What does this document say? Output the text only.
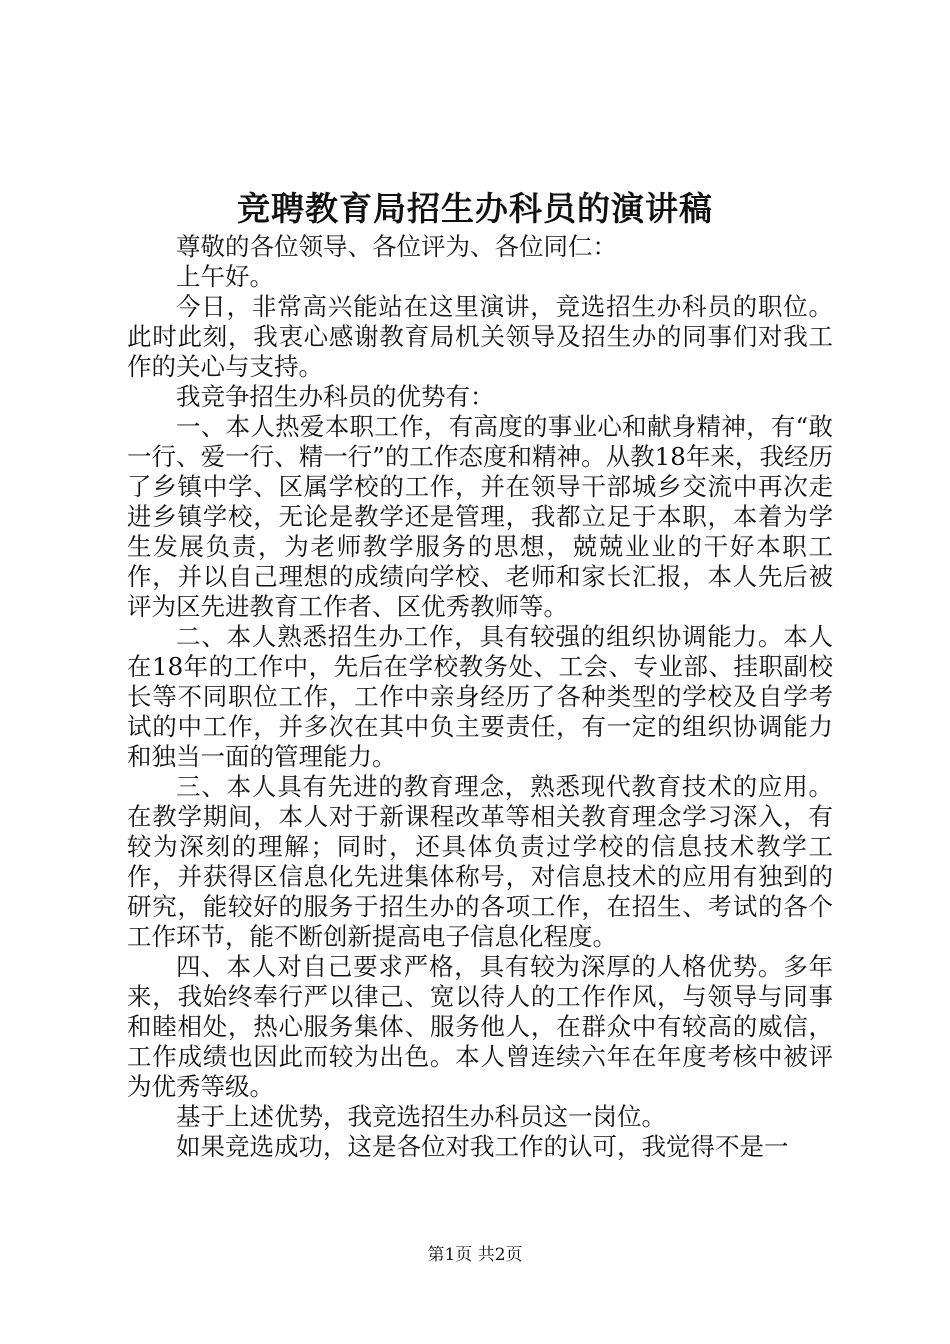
竞聘教育局招生办科员的演讲稿

尊敬的各位领导、各位评为、各位同仁：

上午好。

今日，非常高兴能站在这里演讲，竞选招生办科员的职位。此时此刻，我衷心感谢教育局机关领导及招生办的同事们对我工作的关心与支持。

我竞争招生办科员的优势有：

一、本人热爱本职工作，有高度的事业心和献身精神，有“敢一行、爱一行、精一行”的工作态度和精神。从教18年来，我经历了乡镇中学、区属学校的工作，并在领导干部城乡交流中再次走进乡镇学校，无论是教学还是管理，我都立足于本职，本着为学生发展负责，为老师教学服务的思想，兢兢业业的干好本职工作，并以自己理想的成绩向学校、老师和家长汇报，本人先后被评为区先进教育工作者、区优秀教师等。

二、本人熟悉招生办工作，具有较强的组织协调能力。本人在18年的工作中，先后在学校教务处、工会、专业部、挂职副校长等不同职位工作，工作中亲身经历了各种类型的学校及自学考试的中工作，并多次在其中负主要责任，有一定的组织协调能力和独当一面的管理能力。

三、本人具有先进的教育理念，熟悉现代教育技术的应用。在教学期间，本人对于新课程改革等相关教育理念学习深入，有较为深刻的理解；同时，还具体负责过学校的信息技术教学工作，并获得区信息化先进集体称号，对信息技术的应用有独到的研究，能较好的服务于招生办的各项工作，在招生、考试的各个工作环节，能不断创新提高电子信息化程度。

四、本人对自己要求严格，具有较为深厚的人格优势。多年来，我始终奉行严以律己、宽以待人的工作作风，与领导与同事和睦相处，热心服务集体、服务他人，在群众中有较高的威信，工作成绩也因此而较为出色。本人曾连续六年在年度考核中被评为优秀等级。

基于上述优势，我竞选招生办科员这一岗位。

如果竞选成功，这是各位对我工作的认可，我觉得不是一

第1页 共2页
